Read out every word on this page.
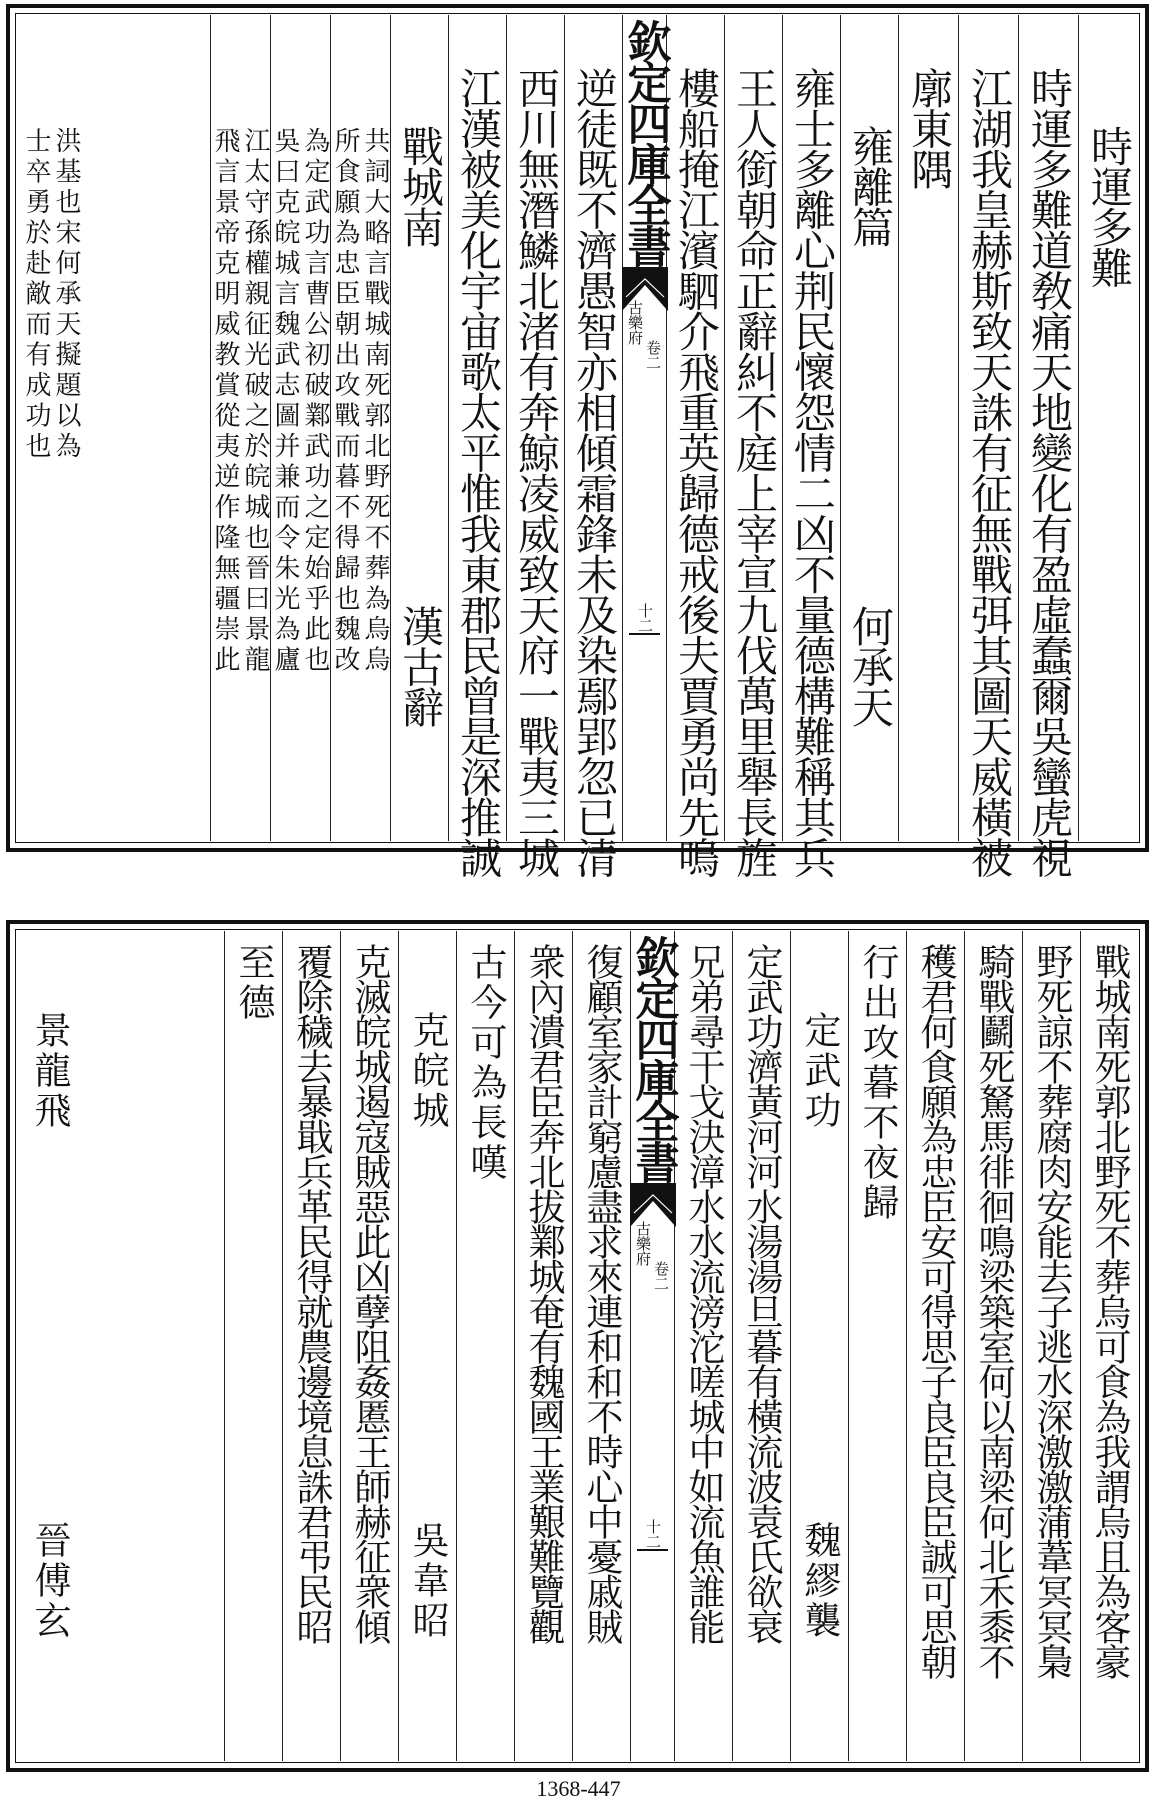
時運多難
時運多難道敎痛天地變化有盈虛蠢爾吳蠻虎視
江湖我皇赫斯致天誅有征無戰弭其圖天威橫被
廓東隅
雍離篇
何承天
雍士多離心荆民懷怨情二凶不量德構難稱其兵
王人銜朝命正辭糾不庭上宰宣九伐萬里舉長旌
樓船掩江濱駟介飛重英歸德戒後夫賈勇尚先鳴
欽定四庫全書
古樂府
卷二
十二
逆徒既不濟愚智亦相傾霜鋒未及染鄢郢忽已清
西川無潛鱗北渚有奔鯨凌威致天府一戰夷三城
江漢被美化宇宙歌太平惟我東郡民曾是深推誠
戰城南
漢古辭
共詞大略言戰城南死郭北野死不葬為烏烏
所食願為忠臣朝出攻戰而暮不得歸也魏改
為定武功言曹公初破鄴武功之定始乎此也
吳曰克皖城言魏武志圖并兼而令朱光為廬
江太守孫權親征光破之於皖城也晉曰景龍
飛言景帝克明威教賞從夷逆作隆無疆崇此
洪基也宋何承天擬題以為
士卒勇於赴敵而有成功也
戰城南死郭北野死不葬烏可食為我謂烏且為客豪
野死諒不葬腐肉安能去子逃水深激激蒲葦冥冥梟
騎戰鬬死駑馬徘徊鳴梁築室何以南梁何北禾黍不
穫君何食願為忠臣安可得思子良臣良臣誠可思朝
行出攻暮不夜歸
定武功
魏繆襲
定武功濟黃河河水湯湯旦暮有橫流波袁氏欲衰
兄弟尋干戈決漳水水流滂沱嗟城中如流魚誰能
欽定四庫全書
古樂府
卷二
十二
復顧室家計窮慮盡求來連和和不時心中憂戚賊
衆內潰君臣奔北拔鄴城奄有魏國王業艱難覽觀
古今可為長嘆
克皖城
吳韋昭
克滅皖城遏寇賊惡此凶孽阻姦慝王師赫征衆傾
覆除穢去暴戢兵革民得就農邊境息誅君弔民昭
至德
景龍飛
晉傅玄
1368-447
